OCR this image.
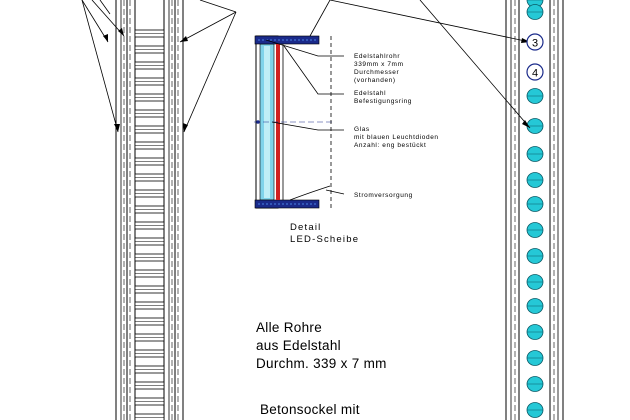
Edelstahlrohr
339mm x 7mm
Durchmesser
(vorhanden)
Edelstahl
Befestigungsring
Glas
mit blauen Leuchtdioden
Anzahl: eng bestückt
Stromversorgung
Detail
LED-Scheibe
Alle Rohre
aus Edelstahl
Durchm. 339 x 7 mm
Betonsockel mit
3
4
